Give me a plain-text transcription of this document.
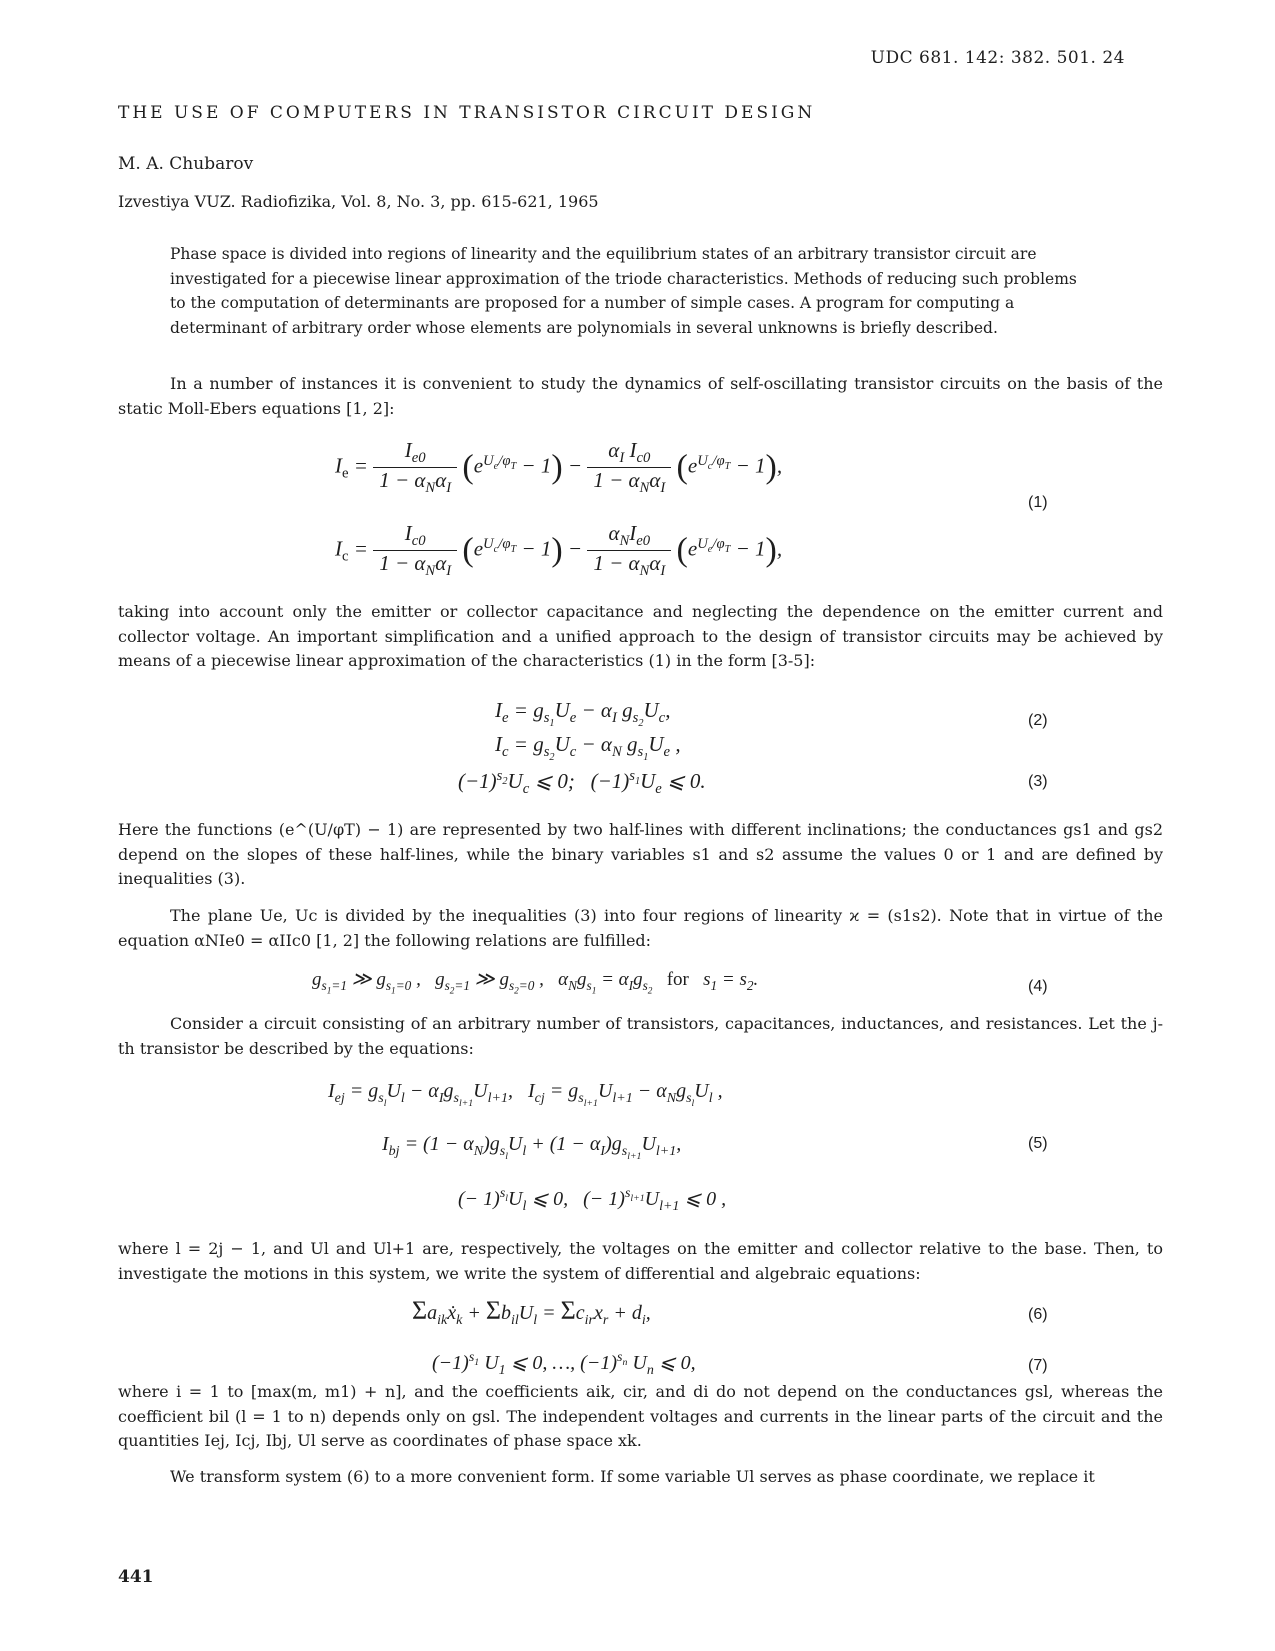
UDC 681. 142: 382. 501. 24
THE USE OF COMPUTERS IN TRANSISTOR CIRCUIT DESIGN
M. A. Chubarov
Izvestiya VUZ. Radiofizika, Vol. 8, No. 3, pp. 615-621, 1965
Phase space is divided into regions of linearity and the equilibrium states of an arbitrary transistor circuit are investigated for a piecewise linear approximation of the triode characteristics. Methods of reducing such problems to the computation of determinants are proposed for a number of simple cases. A program for computing a determinant of arbitrary order whose elements are polynomials in several unknowns is briefly described.
In a number of instances it is convenient to study the dynamics of self-oscillating transistor circuits on the basis of the static Moll-Ebers equations [1, 2]:
$I_e = \frac{I_{e0}}{1 - \alpha_N\alpha_I} (e^{U_e/\varphi_T} - 1) - \frac{\alpha_I I_{c0}}{1 - \alpha_N\alpha_I} (e^{U_c/\varphi_T} - 1)$,
$I_c = \frac{I_{c0}}{1 - \alpha_N\alpha_I} (e^{U_c/\varphi_T} - 1) - \frac{\alpha_NI_{e0}}{1 - \alpha_N\alpha_I} (e^{U_e/\varphi_T} - 1)$,
(1)
taking into account only the emitter or collector capacitance and neglecting the dependence on the emitter current and collector voltage. An important simplification and a unified approach to the design of transistor circuits may be achieved by means of a piecewise linear approximation of the characteristics (1) in the form [3-5]:
$I_e = g_{s_1}U_e - \alpha_I$ $g_{s_2}U_c$,
$I_c = g_{s_2}U_c - \alpha_N$ $g_{s_1}U_e$ ,
(2)
$(-1)^{s_2}U_c$ ⩽ 0;   $(-1)^{s_1}U_e$ ⩽ 0.	(3)
Here the functions (e^(U/φT) − 1) are represented by two half-lines with different inclinations; the conductances gs1 and gs2 depend on the slopes of these half-lines, while the binary variables s1 and s2 assume the values 0 or 1 and are defined by inequalities (3).
The plane Ue, Uc is divided by the inequalities (3) into four regions of linearity ϰ = (s1s2). Note that in virtue of the equation αNIe0 = αIIc0 [1, 2] the following relations are fulfilled:
$g_{s_1=1}$ ≫ $g_{s_1=0}$ ,   $g_{s_2=1}$ ≫ $g_{s_2=0}$ ,   $\alpha_Ng_{s_1} = \alpha_Ig_{s_2}$   for   $s_1 = s_2$.	(4)
Consider a circuit consisting of an arbitrary number of transistors, capacitances, inductances, and resistances. Let the j-th transistor be described by the equations:
$I_{ej} = g_{s_l}U_l - \alpha_Ig_{s_{l+1}}U_{l+1}$,   $I_{cj} = g_{s_{l+1}}U_{l+1} - \alpha_Ng_{s_l}U_l$ ,
$I_{bj} = (1 - \alpha_N)g_{s_l}U_l + (1 - \alpha_I)g_{s_{l+1}}U_{l+1}$,
(− $1)^{s_l}U_l$ ⩽ 0,   (− $1)^{s_{l+1}}U_{l+1}$ ⩽ 0 ,
(5)
where l = 2j − 1, and Ul and Ul+1 are, respectively, the voltages on the emitter and collector relative to the base. Then, to investigate the motions in this system, we write the system of differential and algebraic equations:
$\Sigma a_{ik}ẋ_k + \Sigma b_{il}U_l = \Sigma c_{ir}x_r + d_i$,	(6)
$(-1)^{s_1}$ $U_1$ ⩽ 0, …, $(-1)^{s_n}$ $U_n$ ⩽ 0,	(7)
where i = 1 to [max(m, m1) + n], and the coefficients aik, cir, and di do not depend on the conductances gsl, whereas the coefficient bil (l = 1 to n) depends only on gsl. The independent voltages and currents in the linear parts of the circuit and the quantities Iej, Icj, Ibj, Ul serve as coordinates of phase space xk.
We transform system (6) to a more convenient form. If some variable Ul serves as phase coordinate, we replace it
441
